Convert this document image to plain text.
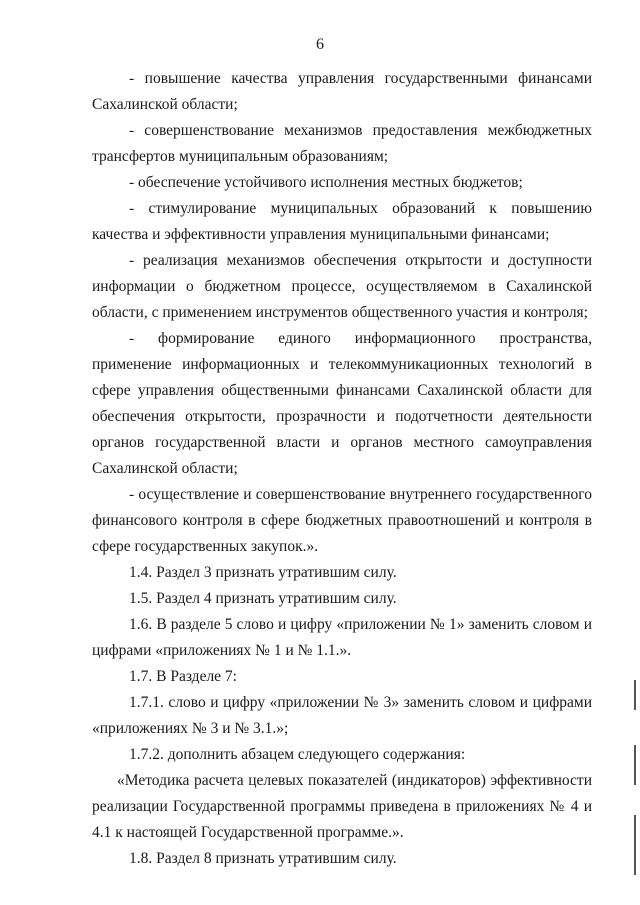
6

- повышение качества управления государственными финансами Сахалинской области;

- совершенствование механизмов предоставления межбюджетных трансфертов муниципальным образованиям;

- обеспечение устойчивого исполнения местных бюджетов;

- стимулирование муниципальных образований к повышению качества и эффективности управления муниципальными финансами;

- реализация механизмов обеспечения открытости и доступности информации о бюджетном процессе, осуществляемом в Сахалинской области, с применением инструментов общественного участия и контроля;

- формирование единого информационного пространства, применение информационных и телекоммуникационных технологий в сфере управления общественными финансами Сахалинской области для обеспечения открытости, прозрачности и подотчетности деятельности органов государственной власти и органов местного самоуправления Сахалинской области;

- осуществление и совершенствование внутреннего государственного финансового контроля в сфере бюджетных правоотношений и контроля в сфере государственных закупок.».

1.4. Раздел 3 признать утратившим силу.

1.5. Раздел 4 признать утратившим силу.

1.6. В разделе 5 слово и цифру «приложении № 1» заменить словом и цифрами «приложениях № 1 и № 1.1.».

1.7. В Разделе 7:

1.7.1. слово и цифру «приложении № 3» заменить словом и цифрами «приложениях № 3 и № 3.1.»;

1.7.2. дополнить абзацем следующего содержания:

«Методика расчета целевых показателей (индикаторов) эффективности реализации Государственной программы приведена в приложениях № 4 и 4.1 к настоящей Государственной программе.».

1.8. Раздел 8 признать утратившим силу.
